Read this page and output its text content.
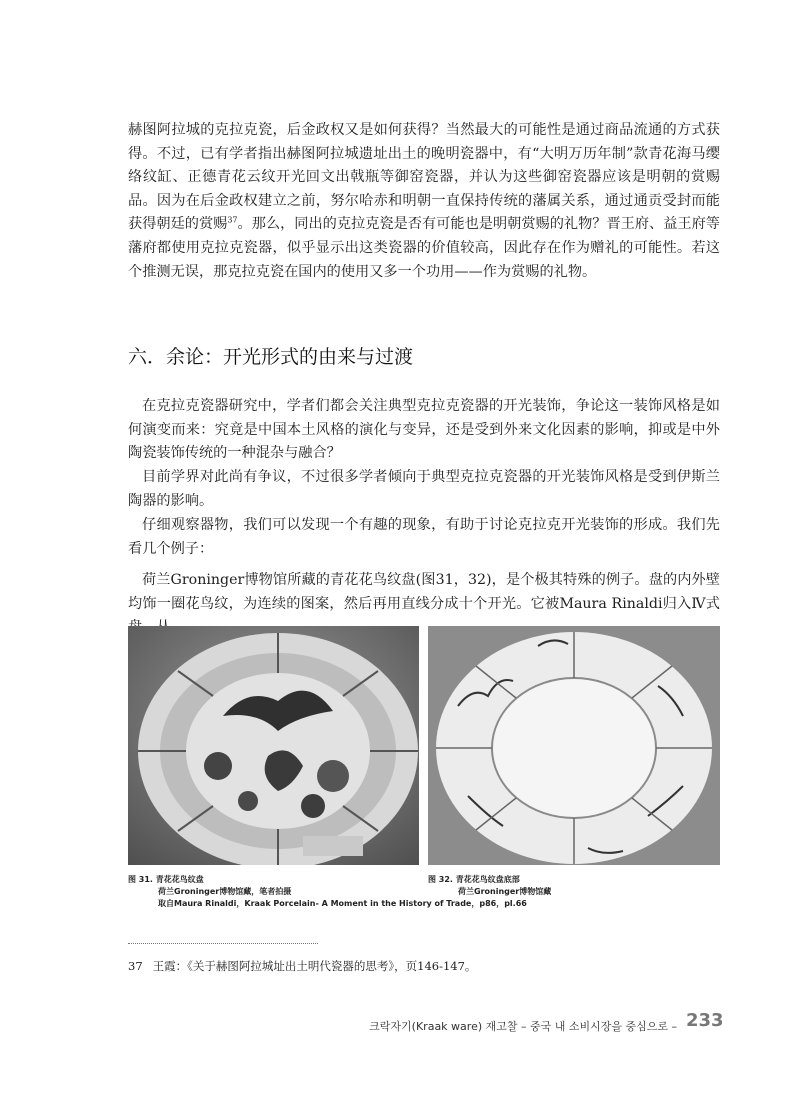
赫图阿拉城的克拉克瓷，后金政权又是如何获得？当然最大的可能性是通过商品流通的方式获得。不过，已有学者指出赫图阿拉城遗址出土的晚明瓷器中，有“大明万历年制”款青花海马缨络纹缸、正德青花云纹开光回文出戟瓶等御窑瓷器，并认为这些御窑瓷器应该是明朝的赏赐品。因为在后金政权建立之前，努尔哈赤和明朝一直保持传统的藩属关系，通过通贡受封而能获得朝廷的赏赐$^{37}$。那么，同出的克拉克瓷是否有可能也是明朝赏赐的礼物？晋王府、益王府等藩府都使用克拉克瓷器，似乎显示出这类瓷器的价值较高，因此存在作为赠礼的可能性。若这个推测无误，那克拉克瓷在国内的使用又多一个功用——作为赏赐的礼物。

六．余论：开光形式的由来与过渡

在克拉克瓷器研究中，学者们都会关注典型克拉克瓷器的开光装饰，争论这一装饰风格是如何演变而来：究竟是中国本土风格的演化与变异，还是受到外来文化因素的影响，抑或是中外陶瓷装饰传统的一种混杂与融合？

目前学界对此尚有争议，不过很多学者倾向于典型克拉克瓷器的开光装饰风格是受到伊斯兰陶器的影响。

仔细观察器物，我们可以发现一个有趣的现象，有助于讨论克拉克开光装饰的形成。我们先看几个例子：

荷兰Groninger博物馆所藏的青花花鸟纹盘(图31，32)，是个极其特殊的例子。盘的内外壁均饰一圈花鸟纹，为连续的图案，然后再用直线分成十个开光。它被Maura Rinaldi归入Ⅳ式

图 31. 青花花鸟纹盘
荷兰Groninger博物馆藏，笔者拍摄
取自Maura Rinaldi，Kraak Porcelain- A Moment in the History of Trade，p86，pl.66
图 32. 青花花鸟纹盘底部
荷兰Groninger博物馆藏

37 王霞：《关于赫图阿拉城址出土明代瓷器的思考》，页146-147。

크락자기(Kraak ware) 재고찰 – 중국 내 소비시장을 중심으로 – 233
